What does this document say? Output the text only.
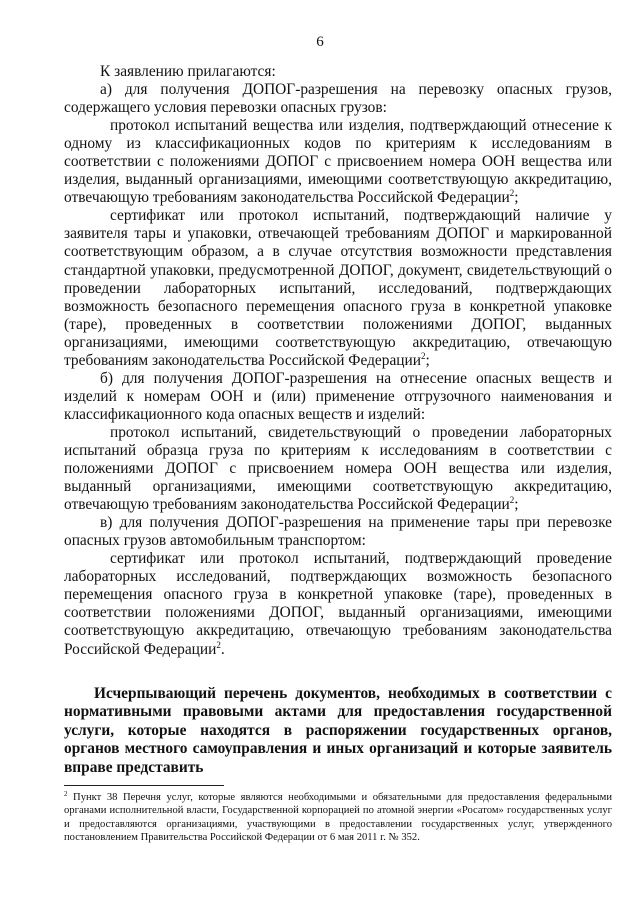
6

К заявлению прилагаются:

а) для получения ДОПОГ-разрешения на перевозку опасных грузов, содержащего условия перевозки опасных грузов:

протокол испытаний вещества или изделия, подтверждающий отнесение к одному из классификационных кодов по критериям к исследованиям в соответствии с положениями ДОПОГ с присвоением номера ООН вещества или изделия, выданный организациями, имеющими соответствующую аккредитацию, отвечающую требованиям законодательства Российской Федерации$^2$;

сертификат или протокол испытаний, подтверждающий наличие у заявителя тары и упаковки, отвечающей требованиям ДОПОГ и маркированной соответствующим образом, а в случае отсутствия возможности представления стандартной упаковки, предусмотренной ДОПОГ, документ, свидетельствующий о проведении лабораторных испытаний, исследований, подтверждающих возможность безопасного перемещения опасного груза в конкретной упаковке (таре), проведенных в соответствии положениями ДОПОГ, выданных организациями, имеющими соответствующую аккредитацию, отвечающую требованиям законодательства Российской Федерации$^2$;

б) для получения ДОПОГ-разрешения на отнесение опасных веществ и изделий к номерам ООН и (или) применение отгрузочного наименования и классификационного кода опасных веществ и изделий:

протокол испытаний, свидетельствующий о проведении лабораторных испытаний образца груза по критериям к исследованиям в соответствии с положениями ДОПОГ с присвоением номера ООН вещества или изделия, выданный организациями, имеющими соответствующую аккредитацию, отвечающую требованиям законодательства Российской Федерации$^2$;

в) для получения ДОПОГ-разрешения на применение тары при перевозке опасных грузов автомобильным транспортом:

сертификат или протокол испытаний, подтверждающий проведение лабораторных исследований, подтверждающих возможность безопасного перемещения опасного груза в конкретной упаковке (таре), проведенных в соответствии положениями ДОПОГ, выданный организациями, имеющими соответствующую аккредитацию, отвечающую требованиям законодательства Российской Федерации$^2$.

Исчерпывающий перечень документов, необходимых в соответствии с нормативными правовыми актами для предоставления государственной услуги, которые находятся в распоряжении государственных органов, органов местного самоуправления и иных организаций и которые заявитель вправе представить

$^2$ Пункт 38 Перечня услуг, которые являются необходимыми и обязательными для предоставления федеральными органами исполнительной власти, Государственной корпорацией по атомной энергии «Росатом» государственных услуг и предоставляются организациями, участвующими в предоставлении государственных услуг, утвержденного постановлением Правительства Российской Федерации от 6 мая 2011 г. № 352.
